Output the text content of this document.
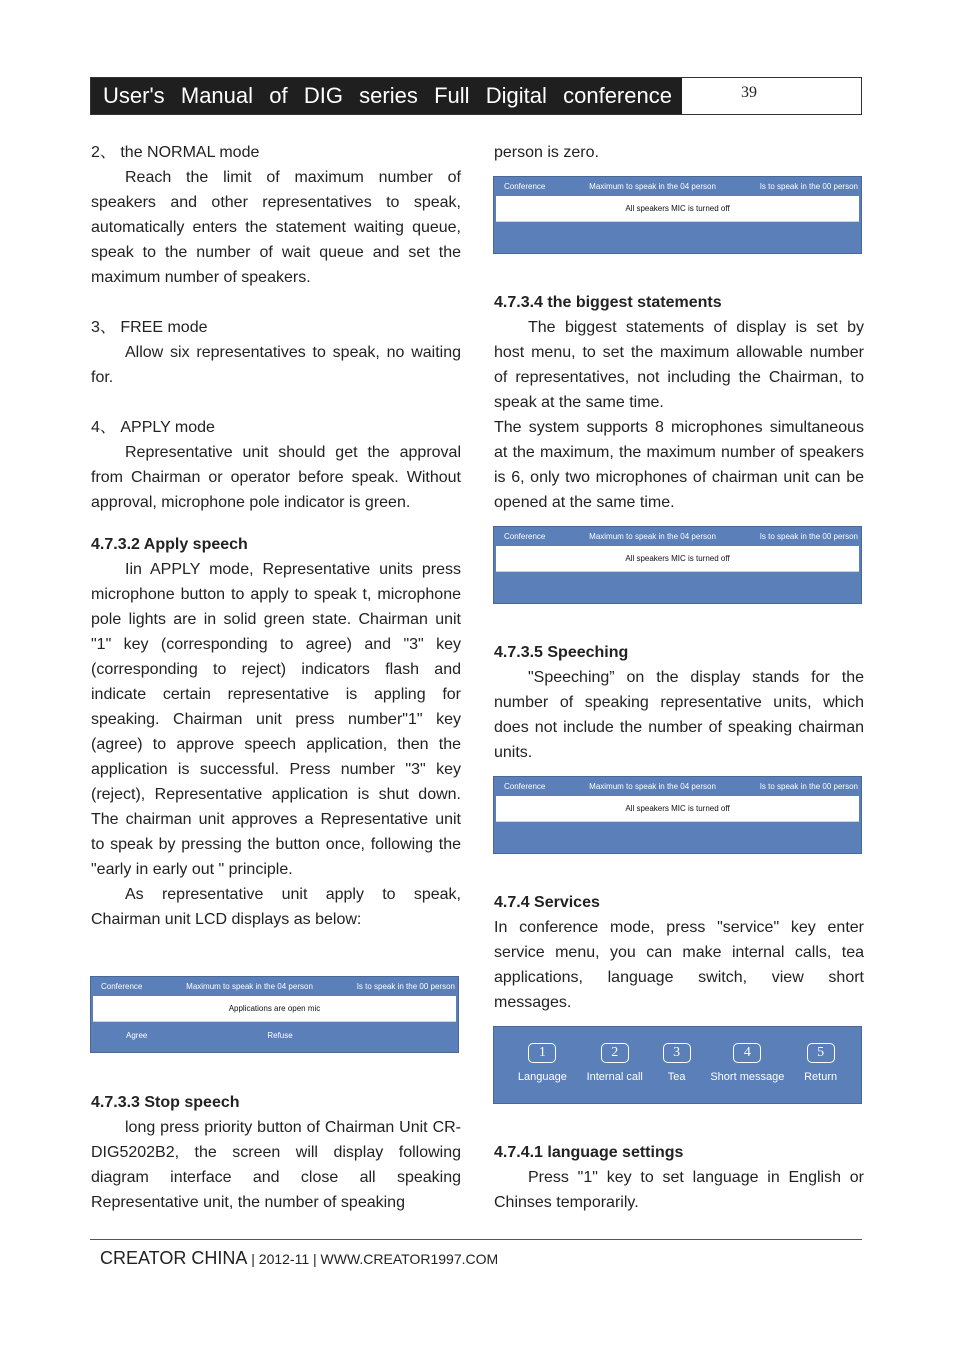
User's Manual of DIG series Full Digital conference	39

2、 the NORMAL mode

Reach the limit of maximum number of speakers and other representatives to speak, automatically enters the statement waiting queue, speak to the number of wait queue and set the maximum number of speakers.

3、 FREE mode

Allow six representatives to speak, no waiting for.

4、 APPLY mode

Representative unit should get the approval from Chairman or operator before speak. Without approval, microphone pole indicator is green.

4.7.3.2 Apply speech

Iin APPLY mode, Representative units press microphone button to apply to speak t, microphone pole lights are in solid green state. Chairman unit "1" key (corresponding to agree) and "3" key (corresponding to reject) indicators flash and indicate certain representative is appling for speaking. Chairman unit press number"1" key (agree) to approve speech application, then the application is successful. Press number "3" key (reject), Representative application is shut down. The chairman unit approves a Representative unit to speak by pressing the button once, following the "early in early out " principle.

As representative unit apply to speak, Chairman unit LCD displays as below:

Conference	Maximum to speak in the 04 person	Is to speak in the 00 person
Applications are open mic
Agree	Refuse

4.7.3.3 Stop speech

long press priority button of Chairman Unit CR-DIG5202B2, the screen will display following diagram interface and close all speaking Representative unit, the number of speaking

person is zero.

Conference	Maximum to speak in the 04 person	Is to speak in the 00 person
All speakers MIC is turned off

4.7.3.4 the biggest statements

The biggest statements of display is set by host menu, to set the maximum allowable number of representatives, not including the Chairman, to speak at the same time.

The system supports 8 microphones simultaneous at the maximum, the maximum number of speakers is 6, only two microphones of chairman unit can be opened at the same time.

Conference	Maximum to speak in the 04 person	Is to speak in the 00 person
All speakers MIC is turned off

4.7.3.5 Speeching

"Speeching” on the display stands for the number of speaking representative units, which does not include the number of speaking chairman units.

Conference	Maximum to speak in the 04 person	Is to speak in the 00 person
All speakers MIC is turned off

4.7.4 Services

In conference mode, press "service" key enter service menu, you can make internal calls, tea applications, language switch, view short messages.

1
Language
2
Internal call
3
Tea
4
Short message
5
Return

4.7.4.1 language settings

Press "1" key to set language in English or Chinses temporarily.

CREATOR CHINA | 2012-11 | WWW.CREATOR1997.COM
